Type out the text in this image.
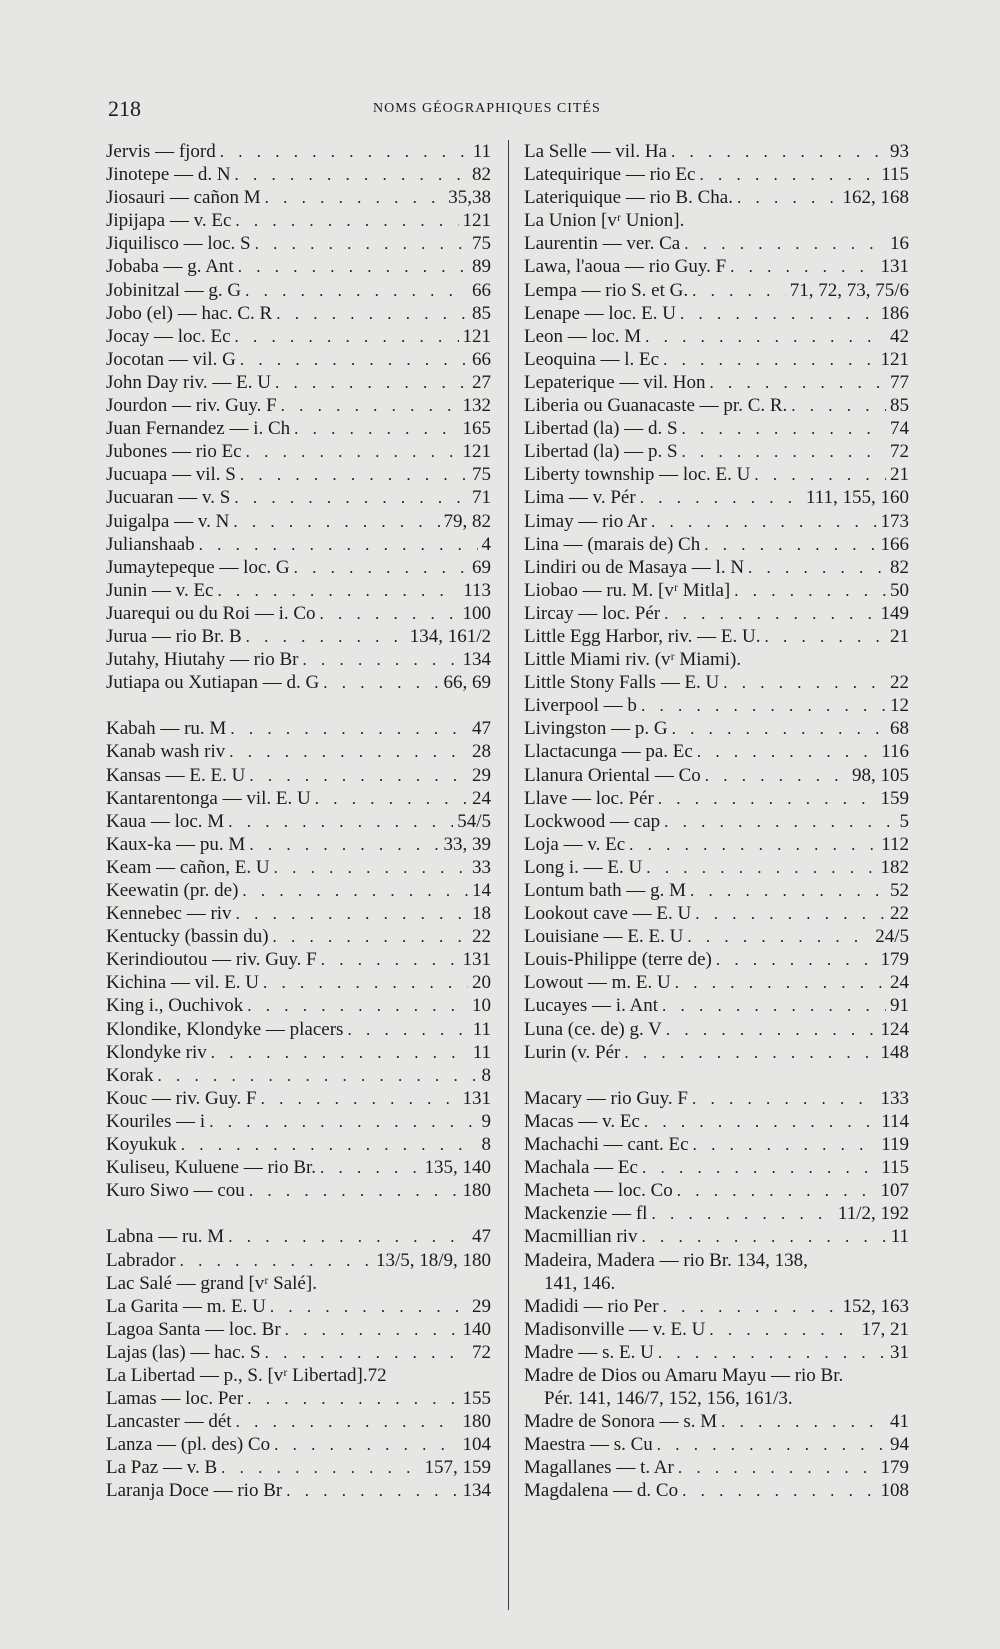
218	NOMS GÉOGRAPHIQUES CITÉS
Jervis — fjord . . .	11
Jinotepe — d. N . . .	82
Jiosauri — cañon M . . .	35,38
Jipijapa — v. Ec . . .	121
Jiquilisco — loc. S . . .	75
Jobaba — g. Ant . . .	89
Jobinitzal — g. G . . .	66
Jobo (el) — hac. C. R . . .	85
Jocay — loc. Ec . . .	121
Jocotan — vil. G . . .	66
John Day riv. — E. U . . .	27
Jourdon — riv. Guy. F . . .	132
Juan Fernandez — i. Ch . . .	165
Jubones — rio Ec . . .	121
Jucuapa — vil. S . . .	75
Jucuaran — v. S . . .	71
Juigalpa — v. N . . .	79, 82
Julianshaab . . .	4
Jumaytepeque — loc. G . . .	69
Junin — v. Ec . . .	113
Juarequi ou du Roi — i. Co . . .	100
Jurua — rio Br. B . . .	134, 161/2
Jutahy, Hiutahy — rio Br . . .	134
Jutiapa ou Xutiapan — d. G . . .	66, 69
Kabah — ru. M . . .	47
Kanab wash riv . . .	28
Kansas — E. E. U . . .	29
Kantarentonga — vil. E. U . . .	24
Kaua — loc. M . . .	54/5
Kaux-ka — pu. M . . .	33, 39
Keam — cañon, E. U . . .	33
Keewatin (pr. de) . . .	14
Kennebec — riv . . .	18
Kentucky (bassin du) . . .	22
Kerindioutou — riv. Guy. F . . .	131
Kichina — vil. E. U . . .	20
King i., Ouchivok . . .	10
Klondike, Klondyke — placers . . .	11
Klondyke riv . . .	11
Korak . . .	8
Kouc — riv. Guy. F . . .	131
Kouriles — i . . .	9
Koyukuk . . .	8
Kuliseu, Kuluene — rio Br. . . .	135, 140
Kuro Siwo — cou . . .	180
Labna — ru. M . . .	47
Labrador . . .	13/5, 18/9, 180
Lac Salé — grand [vʳ Salé].
La Garita — m. E. U . . .	29
Lagoa Santa — loc. Br . . .	140
Lajas (las) — hac. S . . .	72
La Libertad — p., S. [vʳ Libertad]. 72
Lamas — loc. Per . . .	155
Lancaster — dét . . .	180
Lanza — (pl. des) Co . . .	104
La Paz — v. B . . .	157, 159
Laranja Doce — rio Br . . .	134
La Selle — vil. Ha . . .	93
Latequirique — rio Ec . . .	115
Lateriquique — rio B. Cha. . . .	162, 168
La Union [vʳ Union].
Laurentin — ver. Ca . . .	16
Lawa, l'aoua — rio Guy. F . . .	131
Lempa — rio S. et G. . . .	71, 72, 73, 75/6
Lenape — loc. E. U . . .	186
Leon — loc. M . . .	42
Leoquina — l. Ec . . .	121
Lepaterique — vil. Hon . . .	77
Liberia ou Guanacaste — pr. C. R. . . .	85
Libertad (la) — d. S . . .	74
Libertad (la) — p. S . . .	72
Liberty township — loc. E. U . . .	21
Lima — v. Pér . . .	111, 155, 160
Limay — rio Ar . . .	173
Lina — (marais de) Ch . . .	166
Lindiri ou de Masaya — l. N . . .	82
Liobao — ru. M. [vʳ Mitla] . . .	50
Lircay — loc. Pér . . .	149
Little Egg Harbor, riv. — E. U. . . .	21
Little Miami riv. (vʳ Miami).
Little Stony Falls — E. U . . .	22
Liverpool — b . . .	12
Livingston — p. G . . .	68
Llactacunga — pa. Ec . . .	116
Llanura Oriental — Co . . .	98, 105
Llave — loc. Pér . . .	159
Lockwood — cap . . .	5
Loja — v. Ec . . .	112
Long i. — E. U . . .	182
Lontum bath — g. M . . .	52
Lookout cave — E. U . . .	22
Louisiane — E. E. U . . .	24/5
Louis-Philippe (terre de) . . .	179
Lowout — m. E. U . . .	24
Lucayes — i. Ant . . .	91
Luna (ce. de) g. V . . .	124
Lurin (v. Pér . . .	148
Macary — rio Guy. F . . .	133
Macas — v. Ec . . .	114
Machachi — cant. Ec . . .	119
Machala — Ec . . .	115
Macheta — loc. Co . . .	107
Mackenzie — fl . . .	11/2, 192
Macmillian riv . . .	11
Madeira, Madera — rio Br. 134, 138,
141, 146.
Madidi — rio Per . . .	152, 163
Madisonville — v. E. U . . .	17, 21
Madre — s. E. U . . .	31
Madre de Dios ou Amaru Mayu — rio Br.
Pér. 141, 146/7, 152, 156, 161/3.
Madre de Sonora — s. M . . .	41
Maestra — s. Cu . . .	94
Magallanes — t. Ar . . .	179
Magdalena — d. Co . . .	108
